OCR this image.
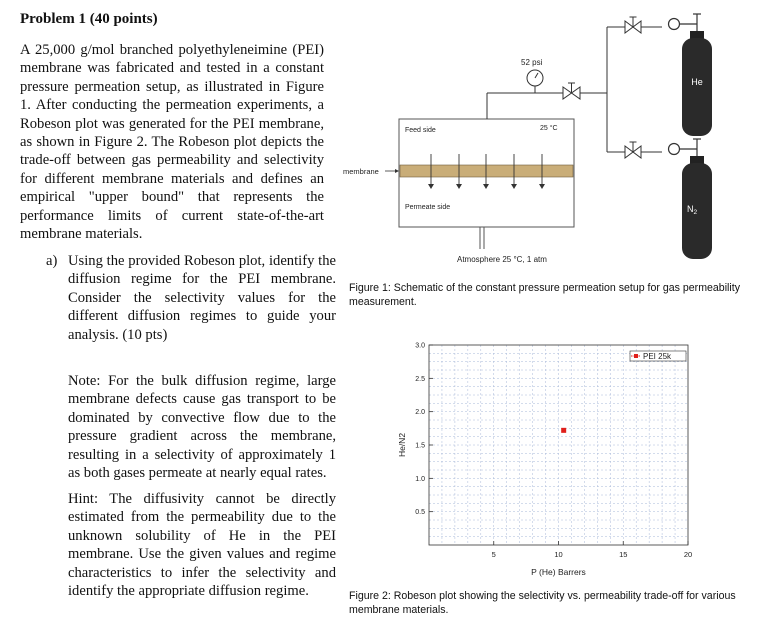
Problem 1 (40 points)
A 25,000 g/mol branched polyethyleneimine (PEI) membrane was fabricated and tested in a constant pressure permeation setup, as illustrated in Figure 1. After conducting the permeation experiments, a Robeson plot was generated for the PEI membrane, as shown in Figure 2. The Robeson plot depicts the trade-off between gas permeability and selectivity for different membrane materials and defines an empirical "upper bound" that represents the performance limits of current state-of-the-art membrane materials.
a) Using the provided Robeson plot, identify the diffusion regime for the PEI membrane. Consider the selectivity values for the different diffusion regimes to guide your analysis. (10 pts)
Note: For the bulk diffusion regime, large membrane defects cause gas transport to be dominated by convective flow due to the pressure gradient across the membrane, resulting in a selectivity of approximately 1 as both gases permeate at nearly equal rates.
Hint: The diffusivity cannot be directly estimated from the permeability due to the unknown solubility of He in the PEI membrane. Use the given values and regime characteristics to infer the selectivity and identify the appropriate diffusion regime.
Feed side
Permeate side
25 °C
membrane
Atmosphere 25 °C, 1 atm
52 psi
He
$N_2$
Figure 1: Schematic of the constant pressure permeation setup for gas permeability measurement.
5	10	15	20
0.5
1.0
1.5
2.0
2.5
3.0
PEI 25k
P (He) Barrers
He/N2
Figure 2: Robeson plot showing the selectivity vs. permeability trade-off for various membrane materials.
